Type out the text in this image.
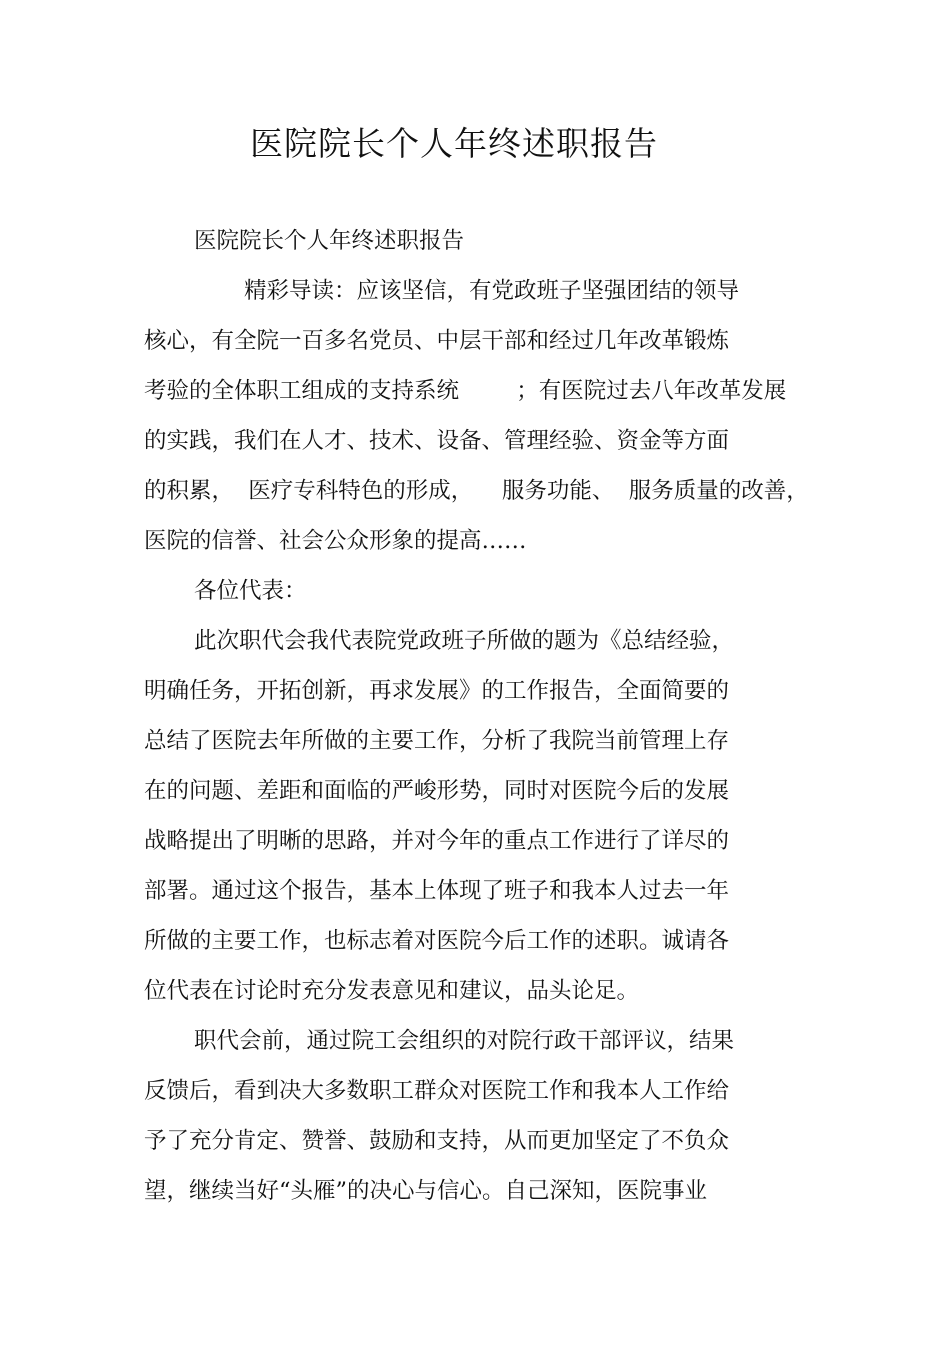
医院院长个人年终述职报告
医院院长个人年终述职报告
精彩导读：应该坚信，有党政班子坚强团结的领导
核心，有全院一百多名党员、中层干部和经过几年改革锻炼
考验的全体职工组成的支持系统        ；有医院过去八年改革发展
的实践，我们在人才、技术、设备、管理经验、资金等方面
的积累，  医疗专科特色的形成，    服务功能、  服务质量的改善，
医院的信誉、社会公众形象的提高……
各位代表：
此次职代会我代表院党政班子所做的题为《总结经验，
明确任务，开拓创新，再求发展》的工作报告，全面简要的
总结了医院去年所做的主要工作，分析了我院当前管理上存
在的问题、差距和面临的严峻形势，同时对医院今后的发展
战略提出了明晰的思路，并对今年的重点工作进行了详尽的
部署。通过这个报告，基本上体现了班子和我本人过去一年
所做的主要工作，也标志着对医院今后工作的述职。诚请各
位代表在讨论时充分发表意见和建议，品头论足。
职代会前，通过院工会组织的对院行政干部评议，结果
反馈后，看到决大多数职工群众对医院工作和我本人工作给
予了充分肯定、赞誉、鼓励和支持，从而更加坚定了不负众
望，继续当好“头雁”的决心与信心。自己深知，医院事业
